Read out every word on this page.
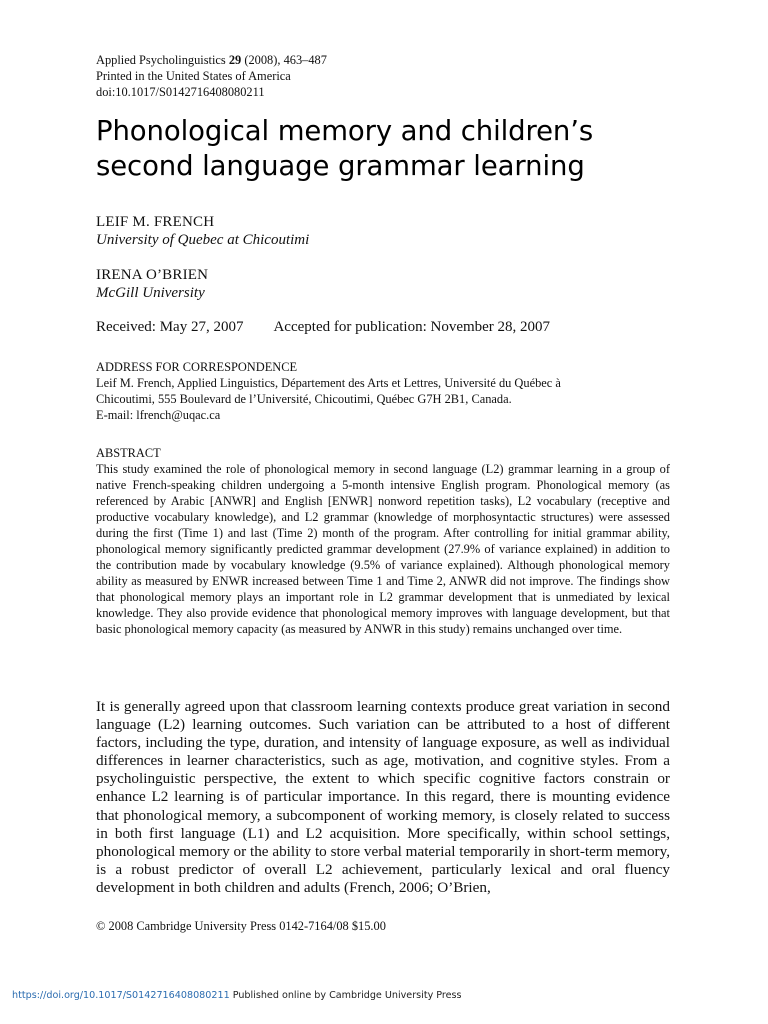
Applied Psycholinguistics 29 (2008), 463–487
Printed in the United States of America
doi:10.1017/S0142716408080211
Phonological memory and children’s
second language grammar learning
LEIF M. FRENCH
University of Quebec at Chicoutimi
IRENA O’BRIEN
McGill University
Received: May 27, 2007 Accepted for publication: November 28, 2007
ADDRESS FOR CORRESPONDENCE
Leif M. French, Applied Linguistics, Département des Arts et Lettres, Université du Québec à
Chicoutimi, 555 Boulevard de l’Université, Chicoutimi, Québec G7H 2B1, Canada.
E-mail: lfrench@uqac.ca
ABSTRACT
This study examined the role of phonological memory in second language (L2) grammar learning in a group of native French-speaking children undergoing a 5-month intensive English program. Phonological memory (as referenced by Arabic [ANWR] and English [ENWR] nonword repetition tasks), L2 vocabulary (receptive and productive vocabulary knowledge), and L2 grammar (knowledge of morphosyntactic structures) were assessed during the first (Time 1) and last (Time 2) month of the program. After controlling for initial grammar ability, phonological memory significantly predicted grammar development (27.9% of variance explained) in addition to the contribution made by vocabulary knowledge (9.5% of variance explained). Although phonological memory ability as measured by ENWR increased between Time 1 and Time 2, ANWR did not improve. The findings show that phonological memory plays an important role in L2 grammar development that is unmediated by lexical knowledge. They also provide evidence that phonological memory improves with language development, but that basic phonological memory capacity (as measured by ANWR in this study) remains unchanged over time.
It is generally agreed upon that classroom learning contexts produce great variation in second language (L2) learning outcomes. Such variation can be attributed to a host of different factors, including the type, duration, and intensity of language exposure, as well as individual differences in learner characteristics, such as age, motivation, and cognitive styles. From a psycholinguistic perspective, the extent to which specific cognitive factors constrain or enhance L2 learning is of particular importance. In this regard, there is mounting evidence that phonological memory, a subcomponent of working memory, is closely related to success in both first language (L1) and L2 acquisition. More specifically, within school settings, phonological memory or the ability to store verbal material temporarily in short-term memory, is a robust predictor of overall L2 achievement, particularly lexical and oral fluency development in both children and adults (French, 2006; O’Brien,
© 2008 Cambridge University Press 0142-7164/08 $15.00
https://doi.org/10.1017/S0142716408080211 Published online by Cambridge University Press
